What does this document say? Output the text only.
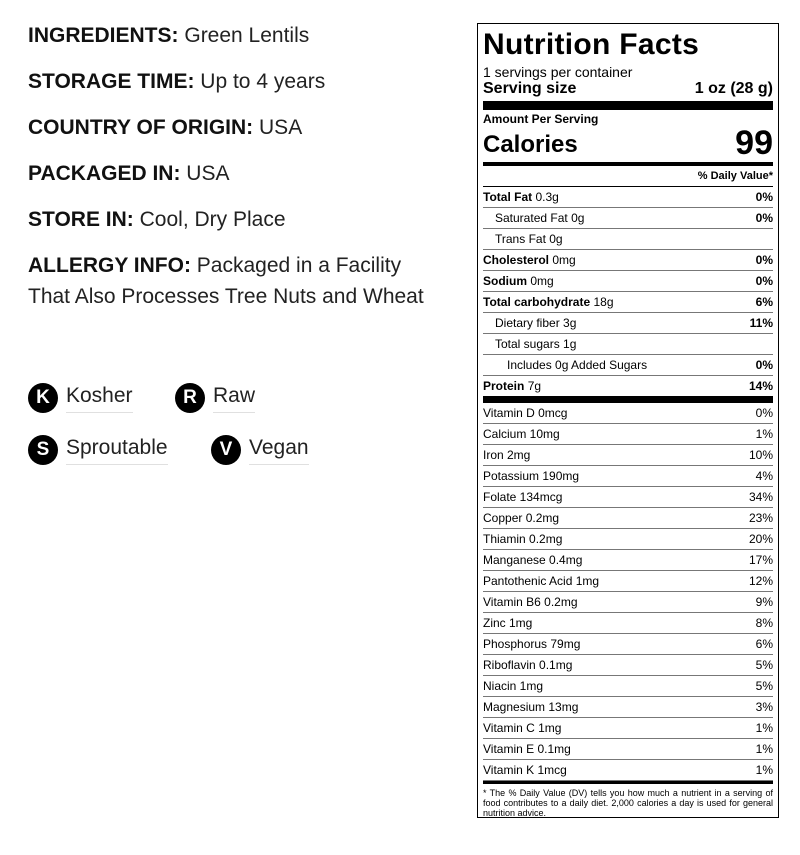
INGREDIENTS: Green Lentils

STORAGE TIME: Up to 4 years

COUNTRY OF ORIGIN: USA

PACKAGED IN: USA

STORE IN: Cool, Dry Place

ALLERGY INFO: Packaged in a Facility That Also Processes Tree Nuts and Wheat

K Kosher	R Raw
S Sproutable	V Vegan
Nutrition Facts
1 servings per container
Serving size	1 oz (28 g)
Amount Per Serving
Calories	99
% Daily Value*
Total Fat 0.3g	0%
Saturated Fat 0g	0%
Trans Fat 0g
Cholesterol 0mg	0%
Sodium 0mg	0%
Total carbohydrate 18g	6%
Dietary fiber 3g	11%
Total sugars 1g
Includes 0g Added Sugars	0%
Protein 7g	14%
Vitamin D 0mcg	0%
Calcium 10mg	1%
Iron 2mg	10%
Potassium 190mg	4%
Folate 134mcg	34%
Copper 0.2mg	23%
Thiamin 0.2mg	20%
Manganese 0.4mg	17%
Pantothenic Acid 1mg	12%
Vitamin B6 0.2mg	9%
Zinc 1mg	8%
Phosphorus 79mg	6%
Riboflavin 0.1mg	5%
Niacin 1mg	5%
Magnesium 13mg	3%
Vitamin C 1mg	1%
Vitamin E 0.1mg	1%
Vitamin K 1mcg	1%
* The % Daily Value (DV) tells you how much a nutrient in a serving of food contributes to a daily diet. 2,000 calories a day is used for general nutrition advice.
